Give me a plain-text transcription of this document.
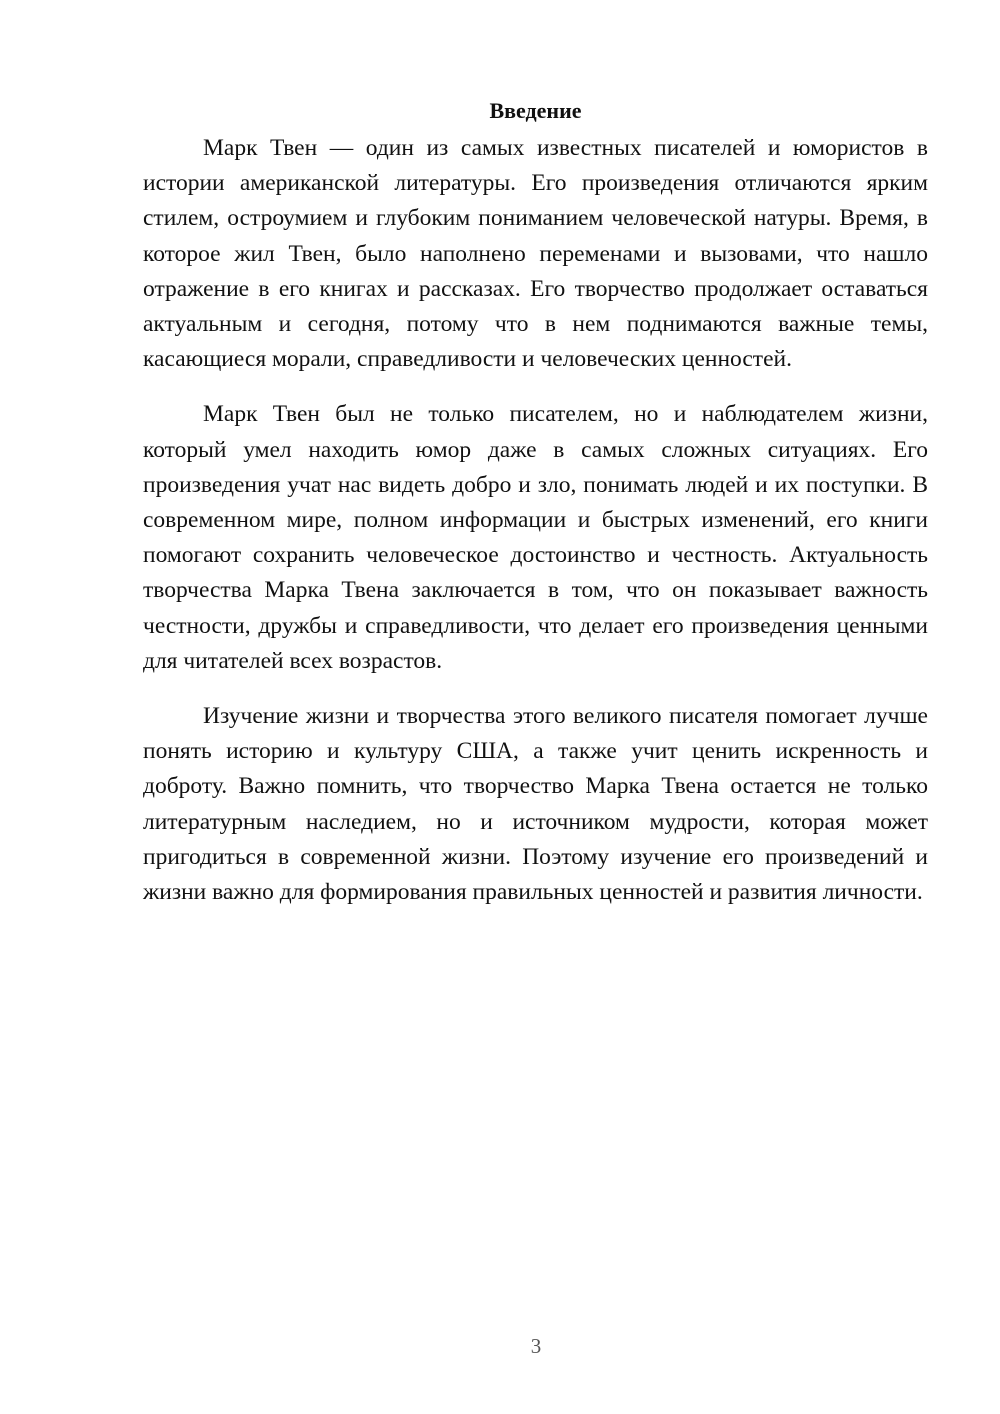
Введение

Марк Твен — один из самых известных писателей и юмористов в истории американской литературы. Его произведения отличаются ярким стилем, остроумием и глубоким пониманием человеческой натуры. Время, в которое жил Твен, было наполнено переменами и вызовами, что нашло отражение в его книгах и рассказах. Его творчество продолжает оставаться актуальным и сегодня, потому что в нем поднимаются важные темы, касающиеся морали, справедливости и человеческих ценностей.

Марк Твен был не только писателем, но и наблюдателем жизни, который умел находить юмор даже в самых сложных ситуациях. Его произведения учат нас видеть добро и зло, понимать людей и их поступки. В современном мире, полном информации и быстрых изменений, его книги помогают сохранить человеческое достоинство и честность. Актуальность творчества Марка Твена заключается в том, что он показывает важность честности, дружбы и справедливости, что делает его произведения ценными для читателей всех возрастов.

Изучение жизни и творчества этого великого писателя помогает лучше понять историю и культуру США, а также учит ценить искренность и доброту. Важно помнить, что творчество Марка Твена остается не только литературным наследием, но и источником мудрости, которая может пригодиться в современной жизни. Поэтому изучение его произведений и жизни важно для формирования правильных ценностей и развития личности.

3
